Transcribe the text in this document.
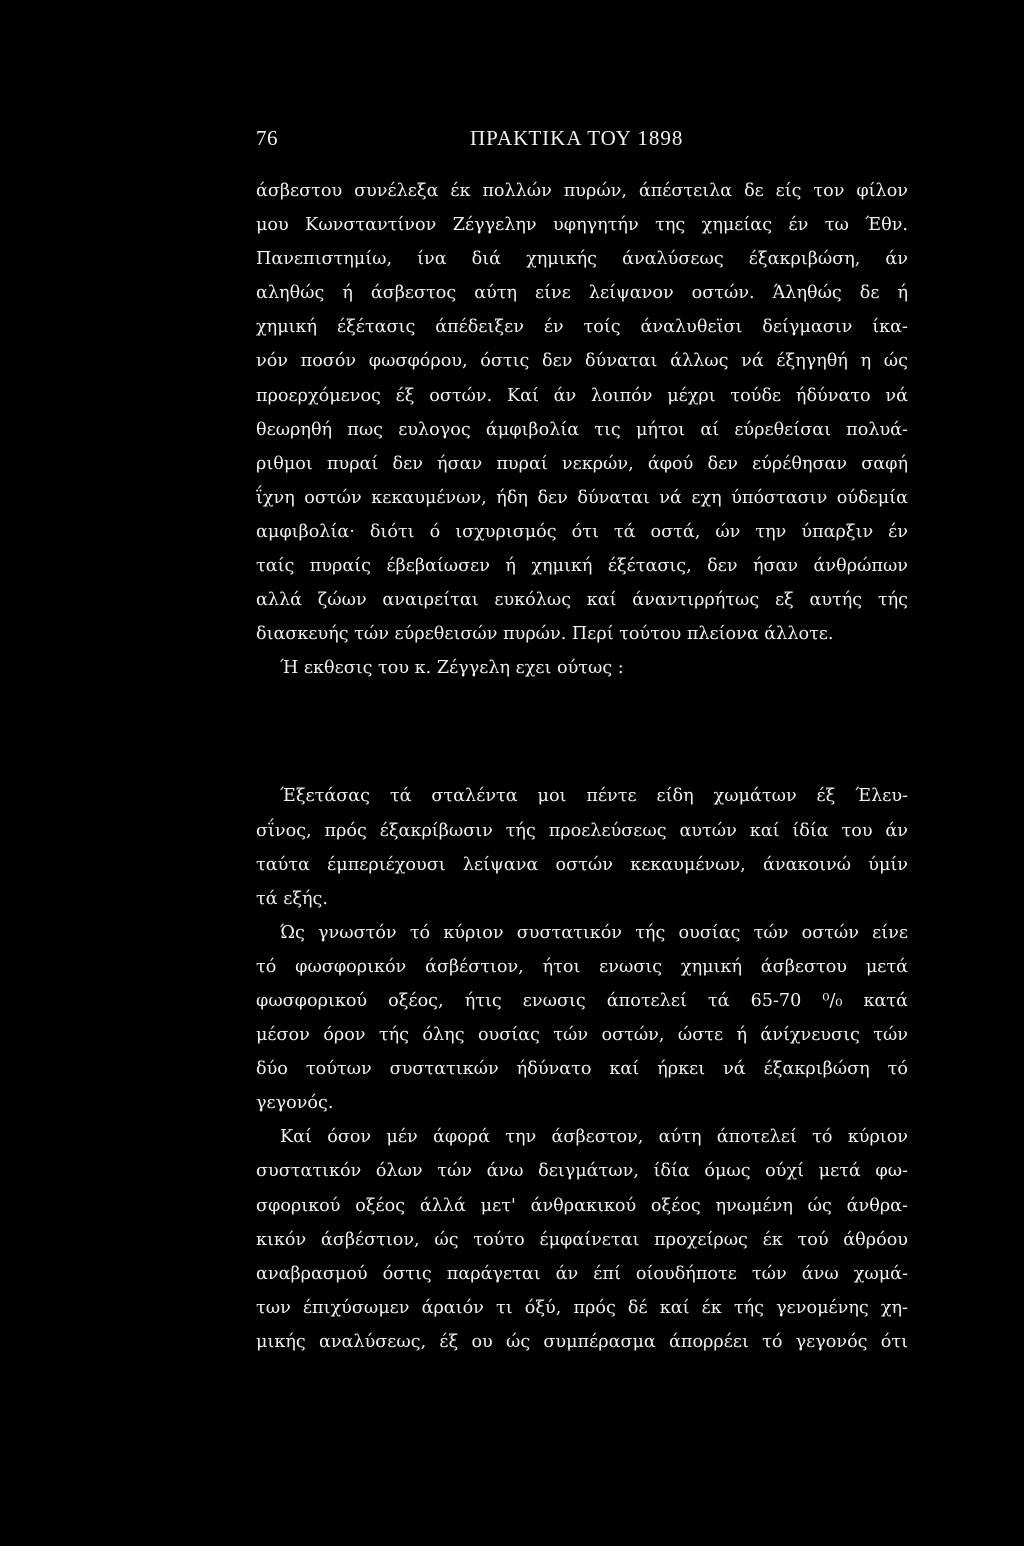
76	ΠΡΑΚΤΙΚΑ ΤΟΥ 1898
άσβεστου συνέλεξα έκ πολλών πυρών, άπέστειλα δε είς τον φίλον
μου Κωνσταντίνον Ζέγγελην υφηγητήν της χημείας έν τω Έθν.
Πανεπιστημίω, ίνα διά χημικής άναλύσεως έξακριβώση, άν
αληθώς ή άσβεστος αύτη είνε λείψανον οστών. Άληθώς δε ή
χημική έξέτασις άπέδειξεν έν τοίς άναλυθεϊσι δείγμασιν ίκα-
νόν ποσόν φωσφόρου, όστις δεν δύναται άλλως νά έξηγηθή η ώς
προερχόμενος έξ οστών. Καί άν λοιπόν μέχρι τούδε ήδύνατο νά
θεωρηθή πως ευλογος άμφιβολία τις μήτοι αί εύρεθείσαι πολυά-
ριθμοι πυραί δεν ήσαν πυραί νεκρών, άφού δεν εύρέθησαν σαφή
ΐχνη οστών κεκαυμένων, ήδη δεν δύναται νά εχη ύπόστασιν ούδεμία
αμφιβολία· διότι ό ισχυρισμός ότι τά οστά, ών την ύπαρξιν έν
ταίς πυραίς έβεβαίωσεν ή χημική έξέτασις, δεν ήσαν άνθρώπων
αλλά ζώων αναιρείται ευκόλως καί άναντιρρήτως εξ αυτής τής
διασκευής τών εύρεθεισών πυρών. Περί τούτου πλείονα άλλοτε.
Ή εκθεσις του κ. Ζέγγελη εχει ούτως :
Έξετάσας τά σταλέντα μοι πέντε είδη χωμάτων έξ Έλευ-
σΐνος, πρός έξακρίβωσιν τής προελεύσεως αυτών καί ίδία του άν
ταύτα έμπεριέχουσι λείψανα οστών κεκαυμένων, άνακοινώ ύμίν
τά εξής.
Ώς γνωστόν τό κύριον συστατικόν τής ουσίας τών οστών είνε
τό φωσφορικόν άσβέστιον, ήτοι ενωσις χημική άσβεστου μετά
φωσφορικού οξέος, ήτις ενωσις άποτελεί τά 65-70 ⁰/₀ κατά
μέσον όρον τής όλης ουσίας τών οστών, ώστε ή άνίχνευσις τών
δύο τούτων συστατικών ήδύνατο καί ήρκει νά έξακριβώση τό
γεγονός.
Καί όσον μέν άφορά την άσβεστον, αύτη άποτελεί τό κύριον
συστατικόν όλων τών άνω δειγμάτων, ίδία όμως ούχί μετά φω-
σφορικού οξέος άλλά μετ' άνθρακικού οξέος ηνωμένη ώς άνθρα-
κικόν άσβέστιον, ώς τούτο έμφαίνεται προχείρως έκ τού άθρόου
αναβρασμού όστις παράγεται άν έπί οίουδήποτε τών άνω χωμά-
των έπιχύσωμεν άραιόν τι όξύ, πρός δέ καί έκ τής γενομένης χη-
μικής αναλύσεως, έξ ου ώς συμπέρασμα άπορρέει τό γεγονός ότι
